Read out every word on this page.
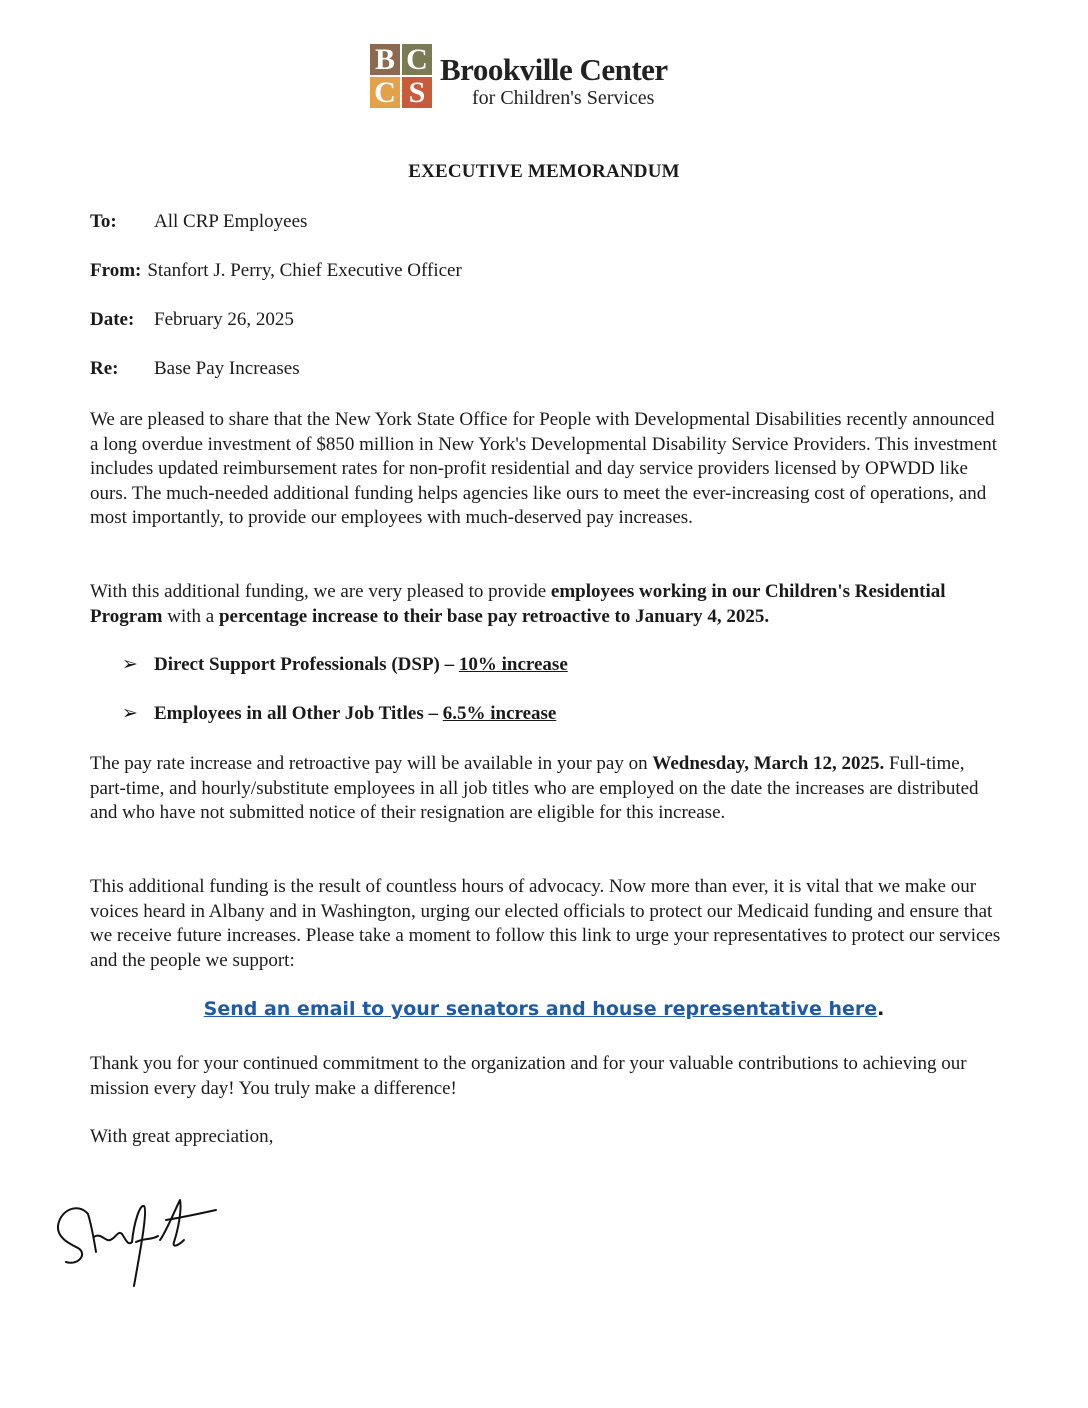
B C
C S
Brookville Center
for Children's Services
EXECUTIVE MEMORANDUM
To: All CRP Employees
From: Stanfort J. Perry, Chief Executive Officer
Date: February 26, 2025
Re: Base Pay Increases

We are pleased to share that the New York State Office for People with Developmental Disabilities recently announced a long overdue investment of $850 million in New York's Developmental Disability Service Providers. This investment includes updated reimbursement rates for non-profit residential and day service providers licensed by OPWDD like ours. The much-needed additional funding helps agencies like ours to meet the ever-increasing cost of operations, and most importantly, to provide our employees with much-deserved pay increases.

With this additional funding, we are very pleased to provide employees working in our Children's Residential Program with a percentage increase to their base pay retroactive to January 4, 2025.

➢ Direct Support Professionals (DSP) – 10% increase
➢ Employees in all Other Job Titles – 6.5% increase

The pay rate increase and retroactive pay will be available in your pay on Wednesday, March 12, 2025. Full-time, part-time, and hourly/substitute employees in all job titles who are employed on the date the increases are distributed and who have not submitted notice of their resignation are eligible for this increase.

This additional funding is the result of countless hours of advocacy. Now more than ever, it is vital that we make our voices heard in Albany and in Washington, urging our elected officials to protect our Medicaid funding and ensure that we receive future increases. Please take a moment to follow this link to urge your representatives to protect our services and the people we support:

Send an email to your senators and house representative here.

Thank you for your continued commitment to the organization and for your valuable contributions to achieving our mission every day! You truly make a difference!

With great appreciation,
